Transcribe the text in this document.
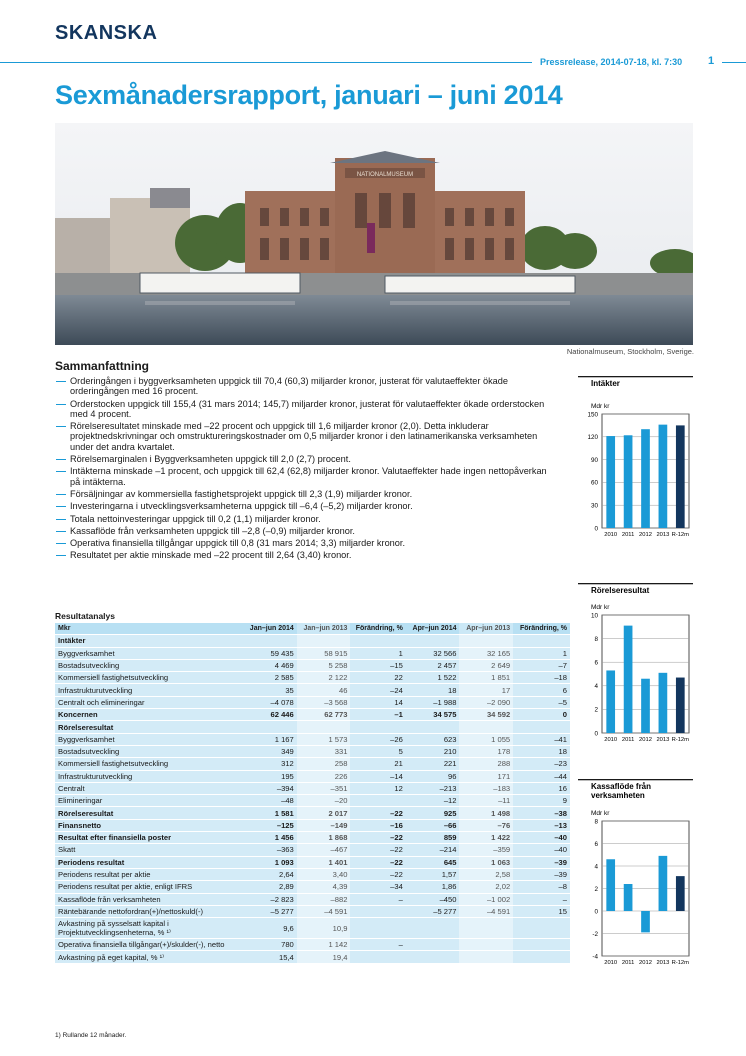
SKANSKA
Pressrelease, 2014-07-18, kl. 7:30 1
Sexmånadersrapport, januari – juni 2014
NATIONALMUSEUM
Nationalmuseum, Stockholm, Sverige.
Sammanfattning
Orderingången i byggverksamheten uppgick till 70,4 (60,3) miljarder kronor, justerat för valutaeffekter ökade orderingången med 16 procent.
Orderstocken uppgick till 155,4 (31 mars 2014; 145,7) miljarder kronor, justerat för valutaeffekter ökade orderstocken med 4 procent.
Rörelseresultatet minskade med –22 procent och uppgick till 1,6 miljarder kronor (2,0). Detta inkluderar projektnedskrivningar och omstruktureringskostnader om 0,5 miljarder kronor i den latinamerikanska verksamheten under det andra kvartalet.
Rörelsemarginalen i Byggverksamheten uppgick till 2,0 (2,7) procent.
Intäkterna minskade –1 procent, och uppgick till 62,4 (62,8) miljarder kronor. Valutaeffekter hade ingen nettopåverkan på intäkterna.
Försäljningar av kommersiella fastighetsprojekt uppgick till 2,3 (1,9) miljarder kronor.
Investeringarna i utvecklingsverksamheterna uppgick till –6,4 (–5,2) miljarder kronor.
Totala nettoinvesteringar uppgick till 0,2 (1,1) miljarder kronor.
Kassaflöde från verksamheten uppgick till –2,8 (–0,9) miljarder kronor.
Operativa finansiella tillgångar uppgick till 0,8 (31 mars 2014; 3,3) miljarder kronor.
Resultatet per aktie minskade med –22 procent till 2,64 (3,40) kronor.
Resultatanalys
Mkr	Jan–jun 2014	Jan–jun 2013	Förändring, %	Apr–jun 2014	Apr–jun 2013	Förändring, %
Intäkter						
Byggverksamhet	59 435	58 915	1	32 566	32 165	1
Bostadsutveckling	4 469	5 258	–15	2 457	2 649	–7
Kommersiell fastighetsutveckling	2 585	2 122	22	1 522	1 851	–18
Infrastrukturutveckling	35	46	–24	18	17	6
Centralt och elimineringar	–4 078	–3 568	14	–1 988	–2 090	–5
Koncernen	62 446	62 773	–1	34 575	34 592	0
Rörelseresultat						
Byggverksamhet	1 167	1 573	–26	623	1 055	–41
Bostadsutveckling	349	331	5	210	178	18
Kommersiell fastighetsutveckling	312	258	21	221	288	–23
Infrastrukturutveckling	195	226	–14	96	171	–44
Centralt	–394	–351	12	–213	–183	16
Elimineringar	–48	–20		–12	–11	9
Rörelseresultat	1 581	2 017	–22	925	1 498	–38
Finansnetto	–125	–149	–16	–66	–76	–13
Resultat efter finansiella poster	1 456	1 868	–22	859	1 422	–40
Skatt	–363	–467	–22	–214	–359	–40
Periodens resultat	1 093	1 401	–22	645	1 063	–39
Periodens resultat per aktie	2,64	3,40	–22	1,57	2,58	–39
Periodens resultat per aktie, enligt IFRS	2,89	4,39	–34	1,86	2,02	–8
Kassaflöde från verksamheten	–2 823	–882	–	–450	–1 002	–
Räntebärande nettofordran(+)/nettoskuld(-)	–5 277	–4 591		–5 277	–4 591	15
Avkastning på sysselsatt kapital i Projektutvecklingsenheterna, % ¹⁾	9,6	10,9				
Operativa finansiella tillgångar(+)/skulder(-), netto	780	1 142	–			
Avkastning på eget kapital, % ¹⁾	15,4	19,4				
1) Rullande 12 månader.
Intäkter
Mdr kr
0
30
60
90
120
150
2010 2011 2012 2013 R-12m
Rörelseresultat
Mdr kr
0
2
4
6
8
10
2010 2011 2012 2013 R-12m
Kassaflöde från
verksamheten
Mdr kr
-4
-2
0
2
4
6
8
2010 2011 2012 2013 R-12m
